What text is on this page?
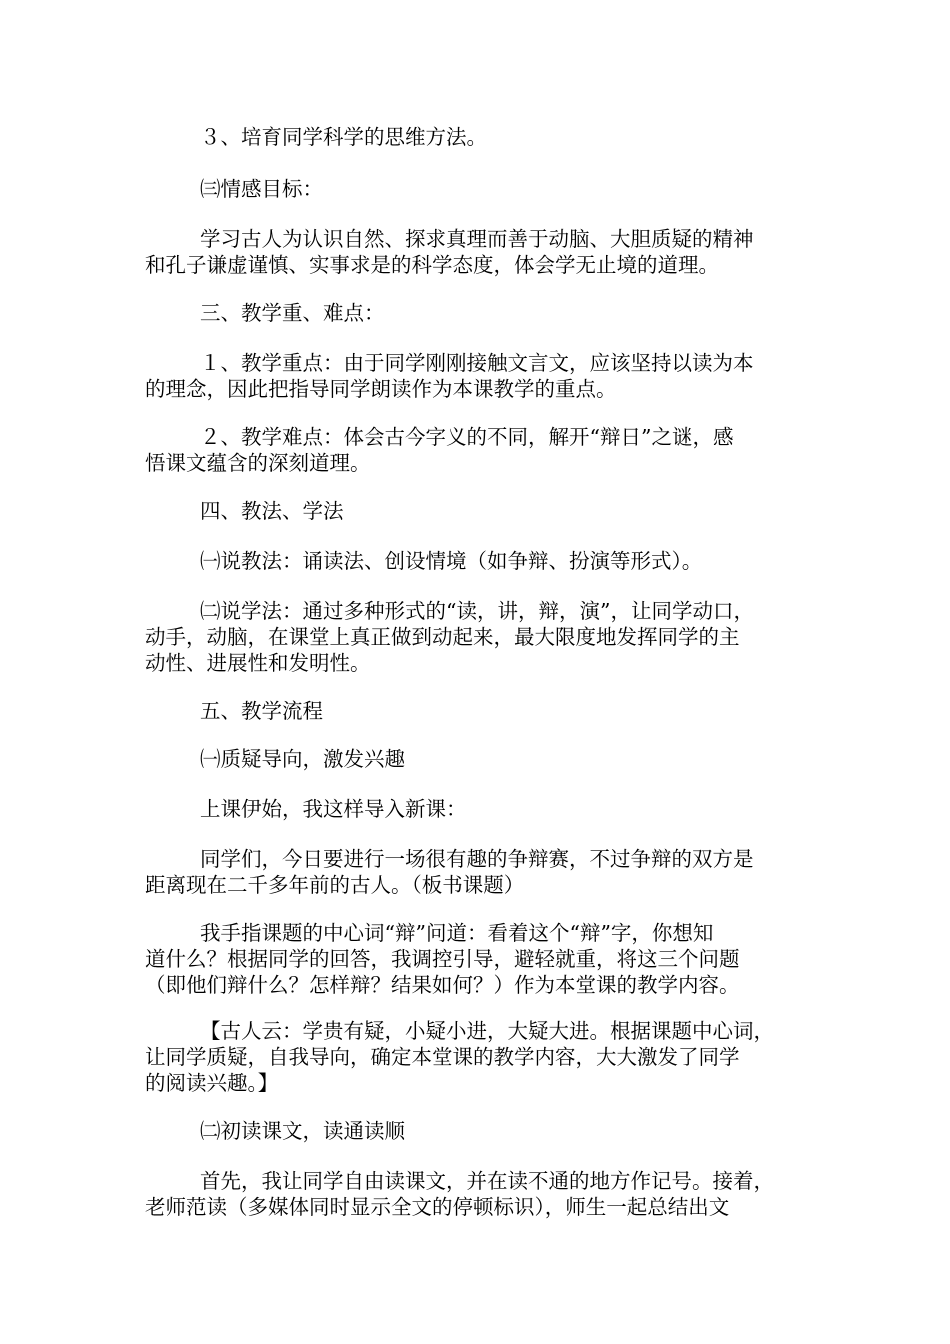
３、培育同学科学的思维方法。
㈢情感目标：
学习古人为认识自然、探求真理而善于动脑、大胆质疑的精神
和孔子谦虚谨慎、实事求是的科学态度，体会学无止境的道理。
三、教学重、难点：
１、教学重点：由于同学刚刚接触文言文，应该坚持以读为本
的理念，因此把指导同学朗读作为本课教学的重点。
２、教学难点：体会古今字义的不同，解开“辩日”之谜，感
悟课文蕴含的深刻道理。
四、教法、学法
㈠说教法：诵读法、创设情境（如争辩、扮演等形式）。
㈡说学法：通过多种形式的“读，讲，辩，演”，让同学动口，
动手，动脑，在课堂上真正做到动起来，最大限度地发挥同学的主
动性、进展性和发明性。
五、教学流程
㈠质疑导向，激发兴趣
上课伊始，我这样导入新课：
同学们，今日要进行一场很有趣的争辩赛，不过争辩的双方是
距离现在二千多年前的古人。（板书课题）
我手指课题的中心词“辩”问道：看着这个“辩”字，你想知
道什么？根据同学的回答，我调控引导，避轻就重，将这三个问题
（即他们辩什么？怎样辩？结果如何？）作为本堂课的教学内容。
【古人云：学贵有疑，小疑小进，大疑大进。根据课题中心词，
让同学质疑，自我导向，确定本堂课的教学内容，大大激发了同学
的阅读兴趣。】
㈡初读课文，读通读顺
首先，我让同学自由读课文，并在读不通的地方作记号。接着，
老师范读（多媒体同时显示全文的停顿标识），师生一起总结出文
